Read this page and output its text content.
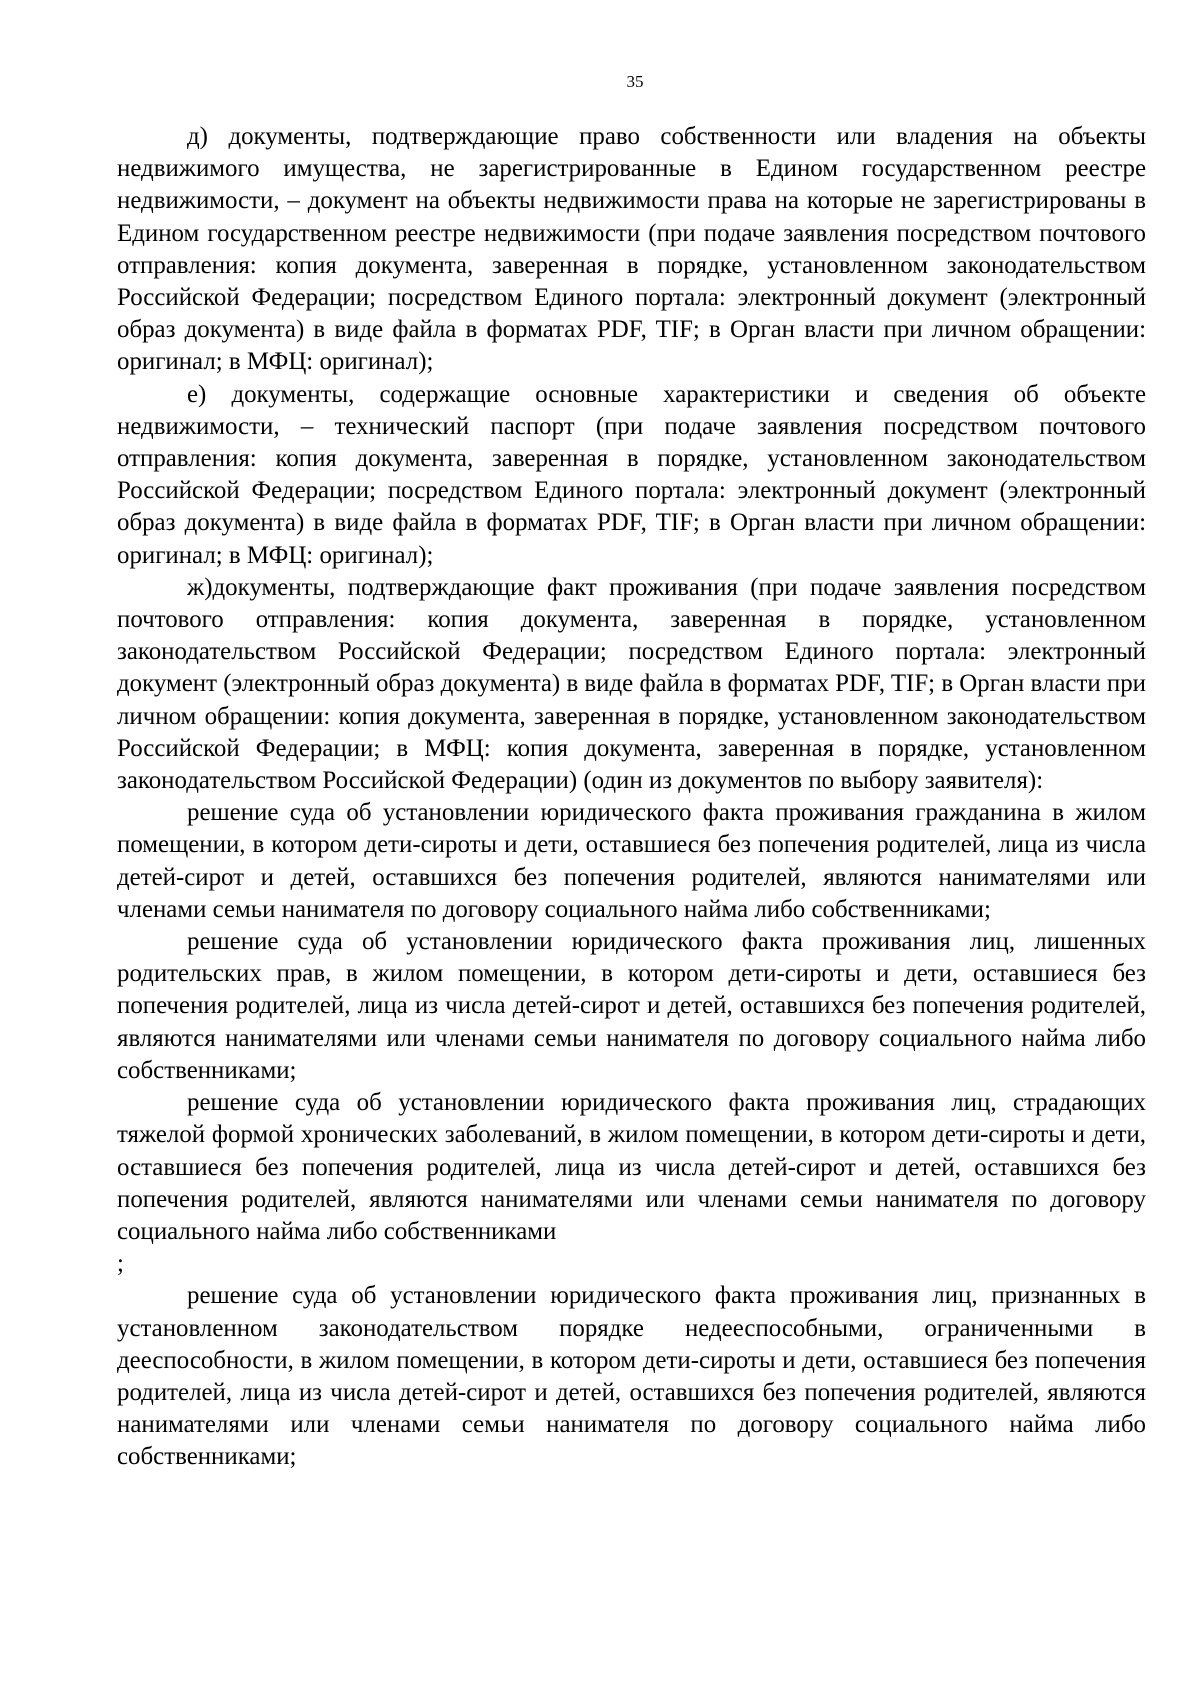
35

д) документы, подтверждающие право собственности или владения на объекты недвижимого имущества, не зарегистрированные в Едином государственном реестре недвижимости, – документ на объекты недвижимости права на которые не зарегистрированы в Едином государственном реестре недвижимости (при подаче заявления посредством почтового отправления: копия документа, заверенная в порядке, установленном законодательством Российской Федерации; посредством Единого портала: электронный документ (электронный образ документа) в виде файла в форматах PDF, TIF; в Орган власти при личном обращении: оригинал; в МФЦ: оригинал);

е) документы, содержащие основные характеристики и сведения об объекте недвижимости, – технический паспорт (при подаче заявления посредством почтового отправления: копия документа, заверенная в порядке, установленном законодательством Российской Федерации; посредством Единого портала: электронный документ (электронный образ документа) в виде файла в форматах PDF, TIF; в Орган власти при личном обращении: оригинал; в МФЦ: оригинал);

ж)документы, подтверждающие факт проживания (при подаче заявления посредством почтового отправления: копия документа, заверенная в порядке, установленном законодательством Российской Федерации; посредством Единого портала: электронный документ (электронный образ документа) в виде файла в форматах PDF, TIF; в Орган власти при личном обращении: копия документа, заверенная в порядке, установленном законодательством Российской Федерации; в МФЦ: копия документа, заверенная в порядке, установленном законодательством Российской Федерации) (один из документов по выбору заявителя):

решение суда об установлении юридического факта проживания гражданина в жилом помещении, в котором дети-сироты и дети, оставшиеся без попечения родителей, лица из числа детей-сирот и детей, оставшихся без попечения родителей, являются нанимателями или членами семьи нанимателя по договору социального найма либо собственниками;

решение суда об установлении юридического факта проживания лиц, лишенных родительских прав, в жилом помещении, в котором дети-сироты и дети, оставшиеся без попечения родителей, лица из числа детей-сирот и детей, оставшихся без попечения родителей, являются нанимателями или членами семьи нанимателя по договору социального найма либо собственниками;

решение суда об установлении юридического факта проживания лиц, страдающих тяжелой формой хронических заболеваний, в жилом помещении, в котором дети-сироты и дети, оставшиеся без попечения родителей, лица из числа детей-сирот и детей, оставшихся без попечения родителей, являются нанимателями или членами семьи нанимателя по договору социального найма либо собственниками

;

решение суда об установлении юридического факта проживания лиц, признанных в установленном законодательством порядке недееспособными, ограниченными в дееспособности, в жилом помещении, в котором дети-сироты и дети, оставшиеся без попечения родителей, лица из числа детей-сирот и детей, оставшихся без попечения родителей, являются нанимателями или членами семьи нанимателя по договору социального найма либо собственниками;
